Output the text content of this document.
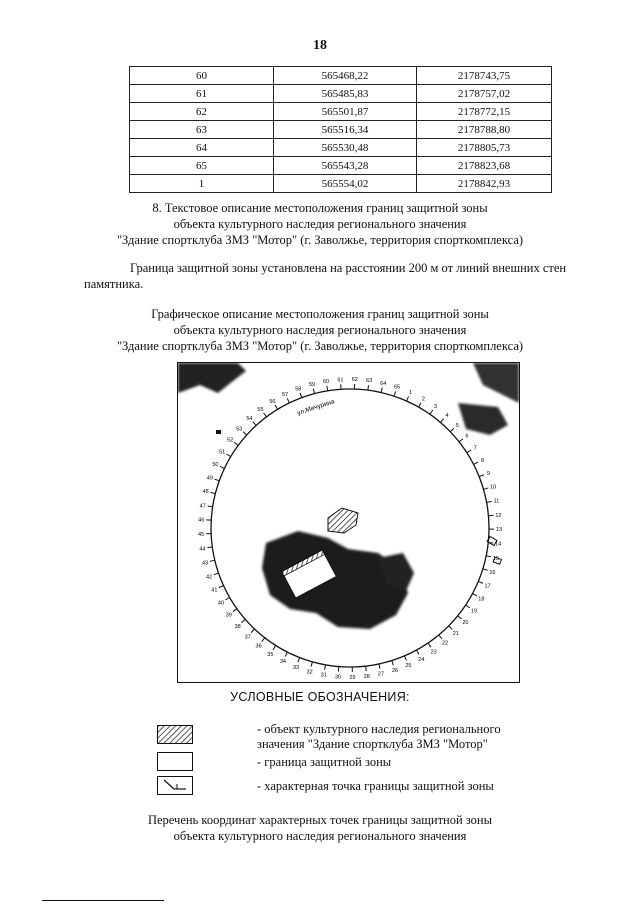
18
60	565468,22	2178743,75
61	565485,83	2178757,02
62	565501,87	2178772,15
63	565516,34	2178788,80
64	565530,48	2178805,73
65	565543,28	2178823,68
1	565554,02	2178842,93
8. Текстовое описание местоположения границ защитной зоны
объекта культурного наследия регионального значения
"Здание спортклуба ЗМЗ "Мотор" (г. Заволжье, территория спорткомплекса)
Граница защитной зоны установлена на расстоянии 200 м от линий внешних стен памятника.
Графическое описание местоположения границ защитной зоны
объекта культурного наследия регионального значения
"Здание спортклуба ЗМЗ "Мотор" (г. Заволжье, территория спорткомплекса)
1
2
3
4
5
6
7
8
9
10
11
12
13
14
15
16
17
18
19
20
21
22
23
24
25
26
27
28
29
30
31
32
33
34
35
36
37
38
39
40
41
42
43
44
45
46
47
48
49
50
51
52
53
54
55
56
57
58
59 60 61 62 63 64
65
ул.Мичурина
УСЛОВНЫЕ ОБОЗНАЧЕНИЯ:
- объект культурного наследия регионального
значения "Здание спортклуба ЗМЗ "Мотор"
- граница защитной зоны
- характерная точка границы защитной зоны
Перечень координат характерных точек границы защитной зоны
объекта культурного наследия регионального значения
